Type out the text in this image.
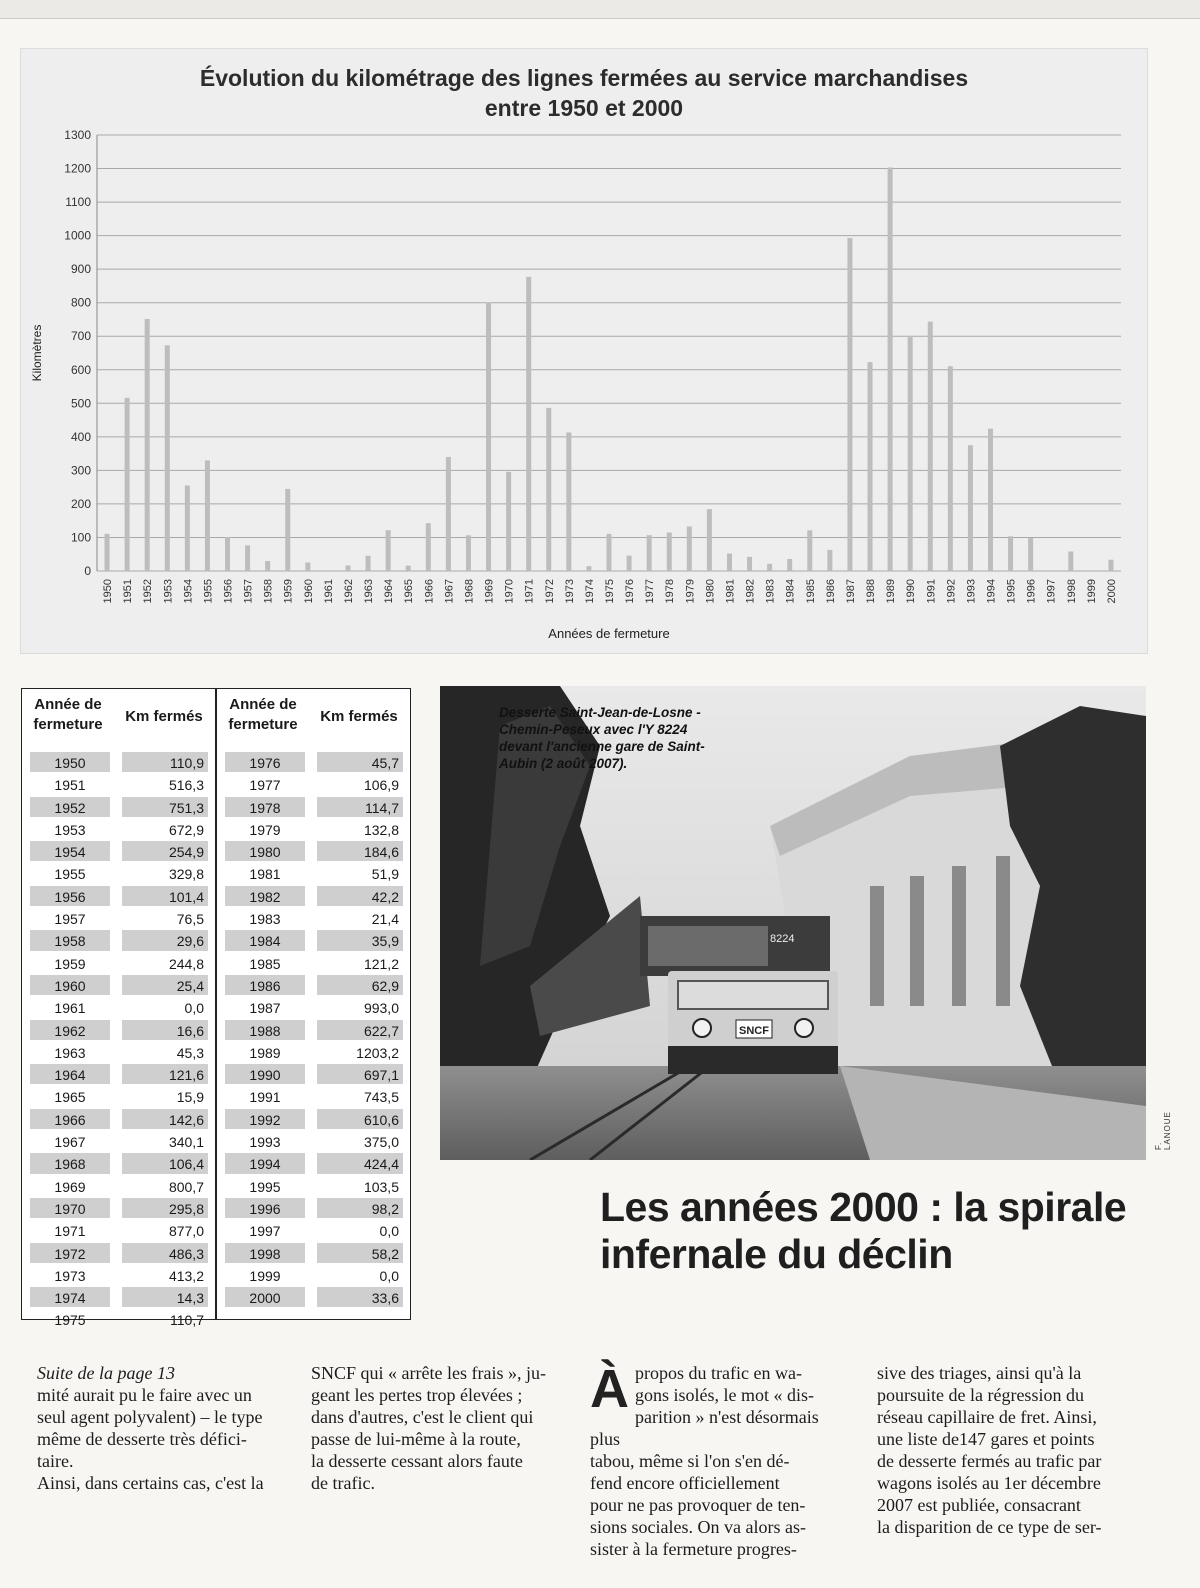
0
100
200
300
400
500
600
700
800
900
1000
1100
1200
1300
1950 1951 1952 1953 1954 1955 1956 1957 1958 1959 1960 1961 1962 1963 1964 1965 1966 1967 1968 1969 1970 1971 1972 1973 1974 1975 1976 1977 1978 1979 1980 1981 1982 1983 1984 1985 1986 1987 1988 1989 1990 1991 1992 1993 1994 1995 1996 1997 1998 1999 2000
Années de fermeture
Kilomètres
Évolution du kilométrage des lignes fermées au service marchandises
entre 1950 et 2000
Année de
fermeture	Km fermés
1950	110,9
1951	516,3
1952	751,3
1953	672,9
1954	254,9
1955	329,8
1956	101,4
1957	76,5
1958	29,6
1959	244,8
1960	25,4
1961	0,0
1962	16,6
1963	45,3
1964	121,6
1965	15,9
1966	142,6
1967	340,1
1968	106,4
1969	800,7
1970	295,8
1971	877,0
1972	486,3
1973	413,2
1974	14,3
1975	110,7
Année de
fermeture	Km fermés
1976	45,7
1977	106,9
1978	114,7
1979	132,8
1980	184,6
1981	51,9
1982	42,2
1983	21,4
1984	35,9
1985	121,2
1986	62,9
1987	993,0
1988	622,7
1989	1203,2
1990	697,1
1991	743,5
1992	610,6
1993	375,0
1994	424,4
1995	103,5
1996	98,2
1997	0,0
1998	58,2
1999	0,0
2000	33,6
SNCF
8224
Desserte Saint-Jean-de-Losne -
Chemin-Peseux avec l'Y 8224
devant l'ancienne gare de Saint-
Aubin (2 août 2007).
F. LANOUE
Les années 2000 : la spirale
infernale du déclin

Suite de la page 13

mité aurait pu le faire avec un

seul agent polyvalent) – le type

même de desserte très défici-

taire.

Ainsi, dans certains cas, c'est la

SNCF qui « arrête les frais », ju-

geant les pertes trop élevées ;

dans d'autres, c'est le client qui

passe de lui-même à la route,

la desserte cessant alors faute

de trafic.

À propos du trafic en wa-

gons isolés, le mot « dis-

parition » n'est désormais plus

tabou, même si l'on s'en dé-

fend encore officiellement

pour ne pas provoquer de ten-

sions sociales. On va alors as-

sister à la fermeture progres-

sive des triages, ainsi qu'à la

poursuite de la régression du

réseau capillaire de fret. Ainsi,

une liste de147 gares et points

de desserte fermés au trafic par

wagons isolés au 1er décembre

2007 est publiée, consacrant

la disparition de ce type de ser-
